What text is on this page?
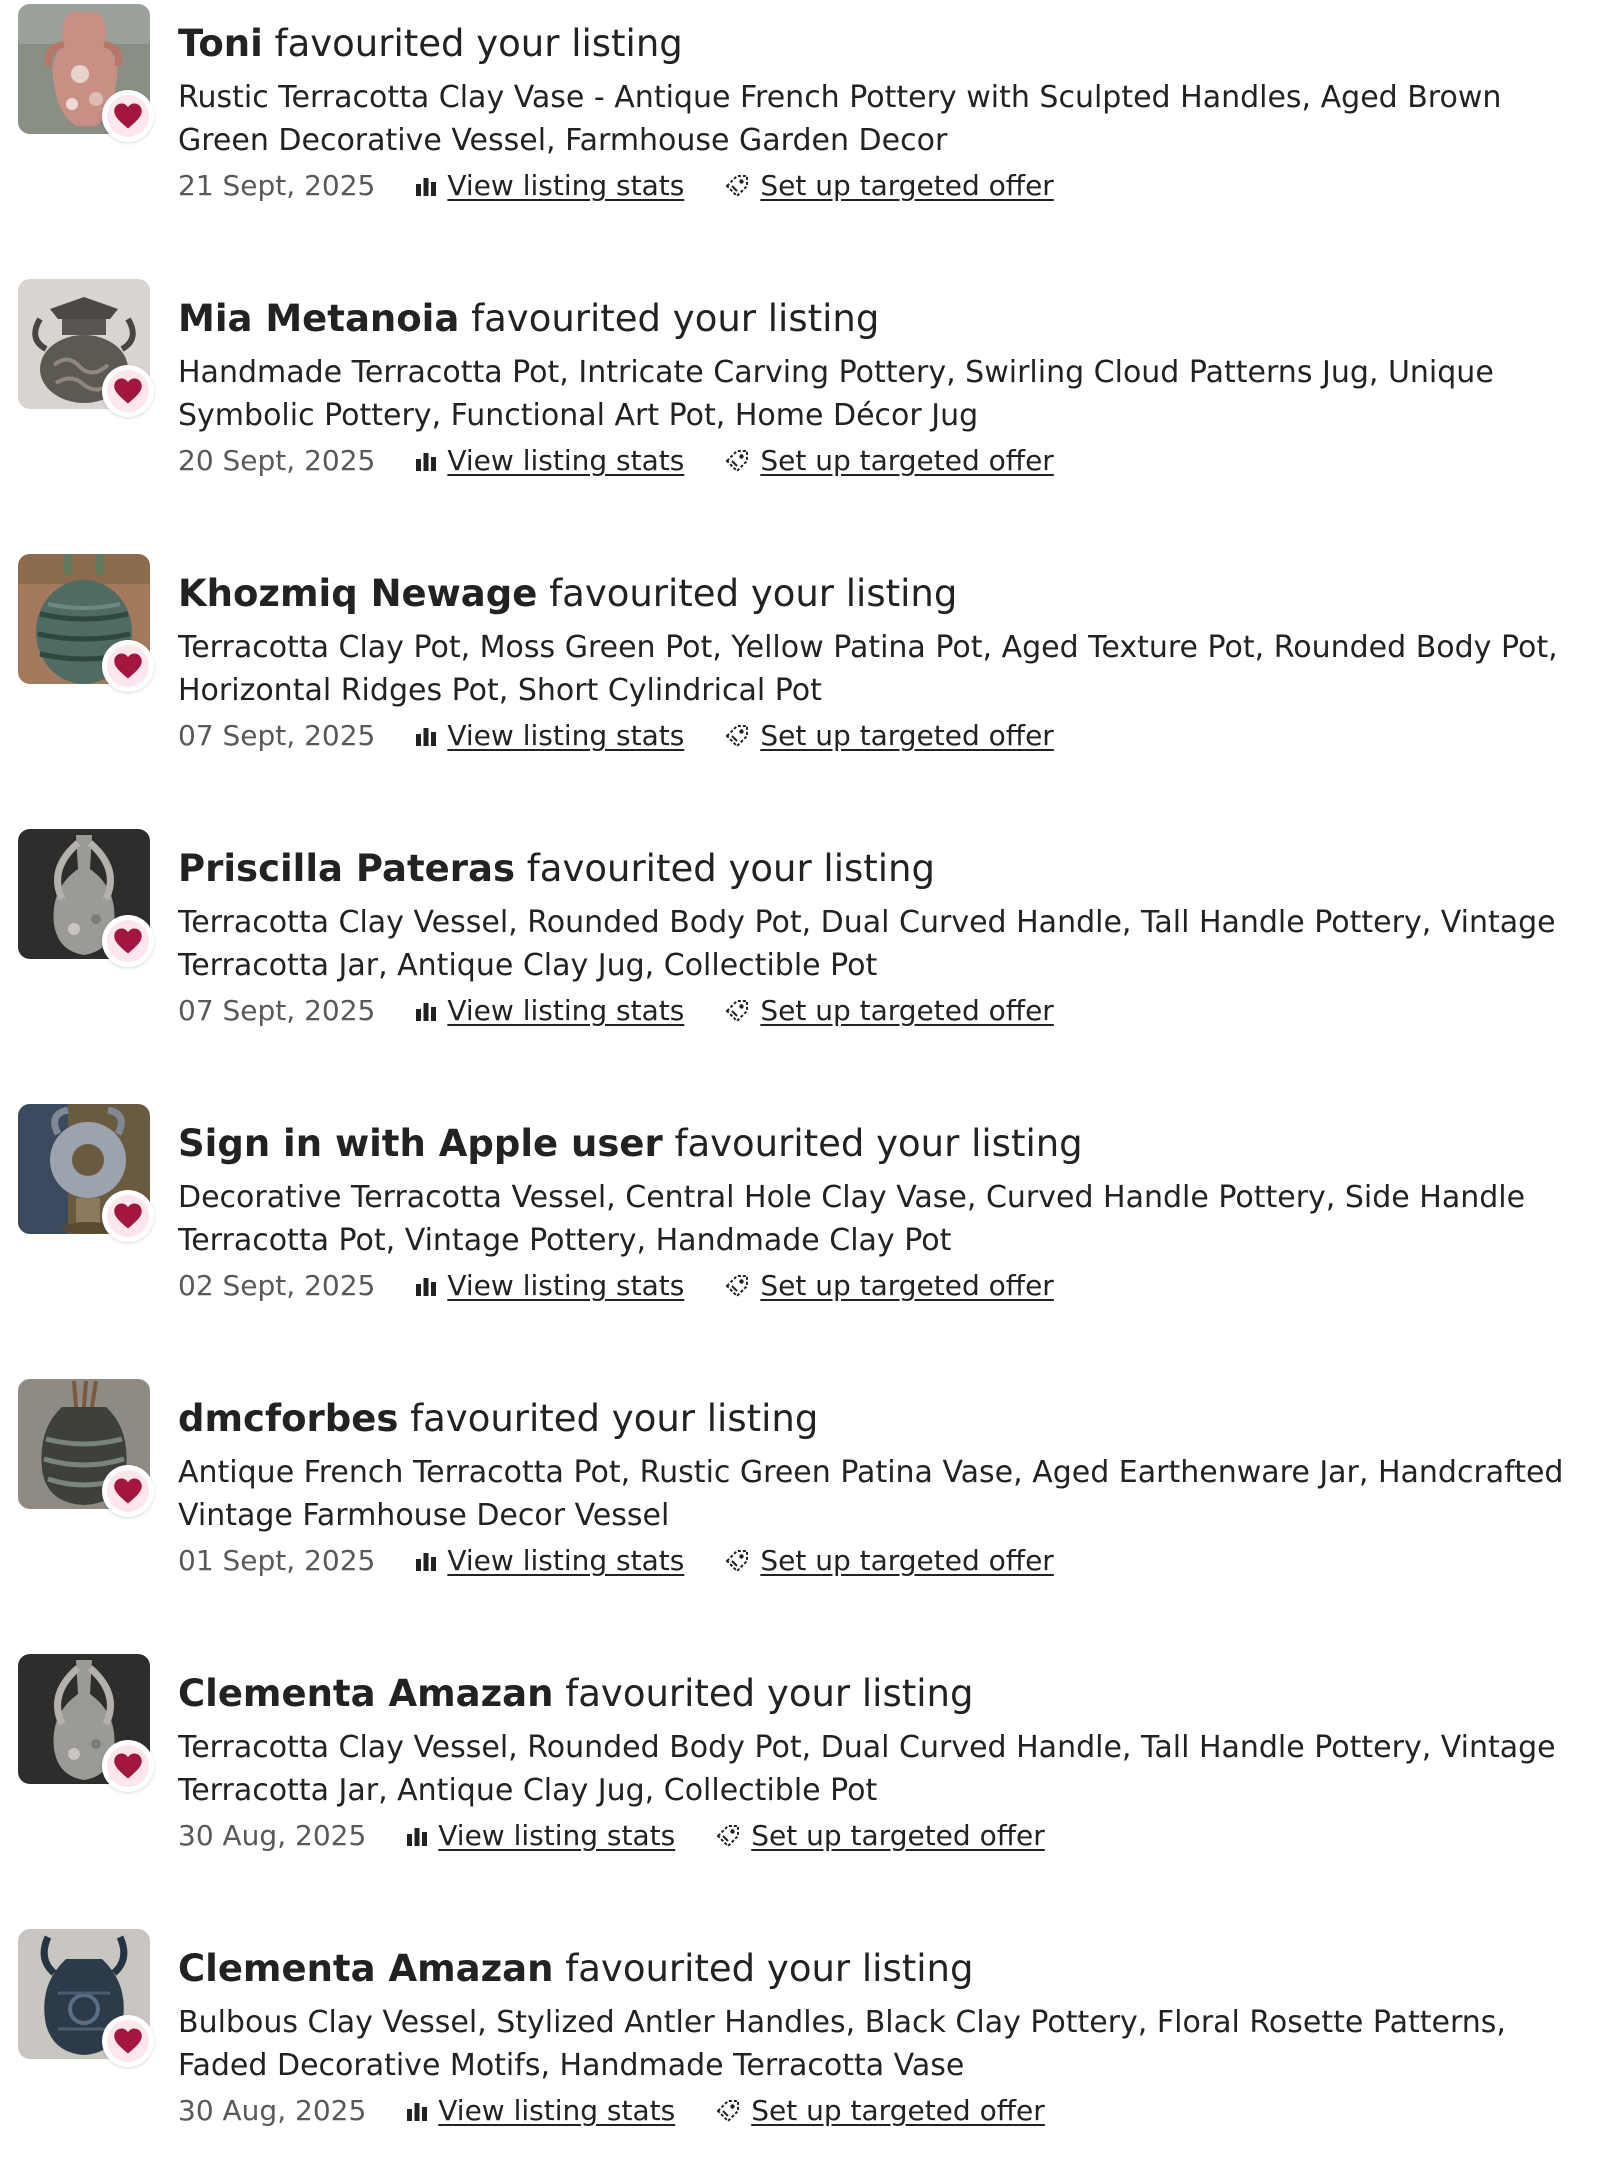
Toni favourited your listing
Rustic Terracotta Clay Vase - Antique French Pottery with Sculpted Handles, Aged Brown Green Decorative Vessel, Farmhouse Garden Decor
21 Sept, 2025	View listing stats	Set up targeted offer
Mia Metanoia favourited your listing
Handmade Terracotta Pot, Intricate Carving Pottery, Swirling Cloud Patterns Jug, Unique Symbolic Pottery, Functional Art Pot, Home Décor Jug
20 Sept, 2025	View listing stats	Set up targeted offer
Khozmiq Newage favourited your listing
Terracotta Clay Pot, Moss Green Pot, Yellow Patina Pot, Aged Texture Pot, Rounded Body Pot, Horizontal Ridges Pot, Short Cylindrical Pot
07 Sept, 2025	View listing stats	Set up targeted offer
Priscilla Pateras favourited your listing
Terracotta Clay Vessel, Rounded Body Pot, Dual Curved Handle, Tall Handle Pottery, Vintage Terracotta Jar, Antique Clay Jug, Collectible Pot
07 Sept, 2025	View listing stats	Set up targeted offer
Sign in with Apple user favourited your listing
Decorative Terracotta Vessel, Central Hole Clay Vase, Curved Handle Pottery, Side Handle Terracotta Pot, Vintage Pottery, Handmade Clay Pot
02 Sept, 2025	View listing stats	Set up targeted offer
dmcforbes favourited your listing
Antique French Terracotta Pot, Rustic Green Patina Vase, Aged Earthenware Jar, Handcrafted Vintage Farmhouse Decor Vessel
01 Sept, 2025	View listing stats	Set up targeted offer
Clementa Amazan favourited your listing
Terracotta Clay Vessel, Rounded Body Pot, Dual Curved Handle, Tall Handle Pottery, Vintage Terracotta Jar, Antique Clay Jug, Collectible Pot
30 Aug, 2025	View listing stats	Set up targeted offer
Clementa Amazan favourited your listing
Bulbous Clay Vessel, Stylized Antler Handles, Black Clay Pottery, Floral Rosette Patterns, Faded Decorative Motifs, Handmade Terracotta Vase
30 Aug, 2025	View listing stats	Set up targeted offer
